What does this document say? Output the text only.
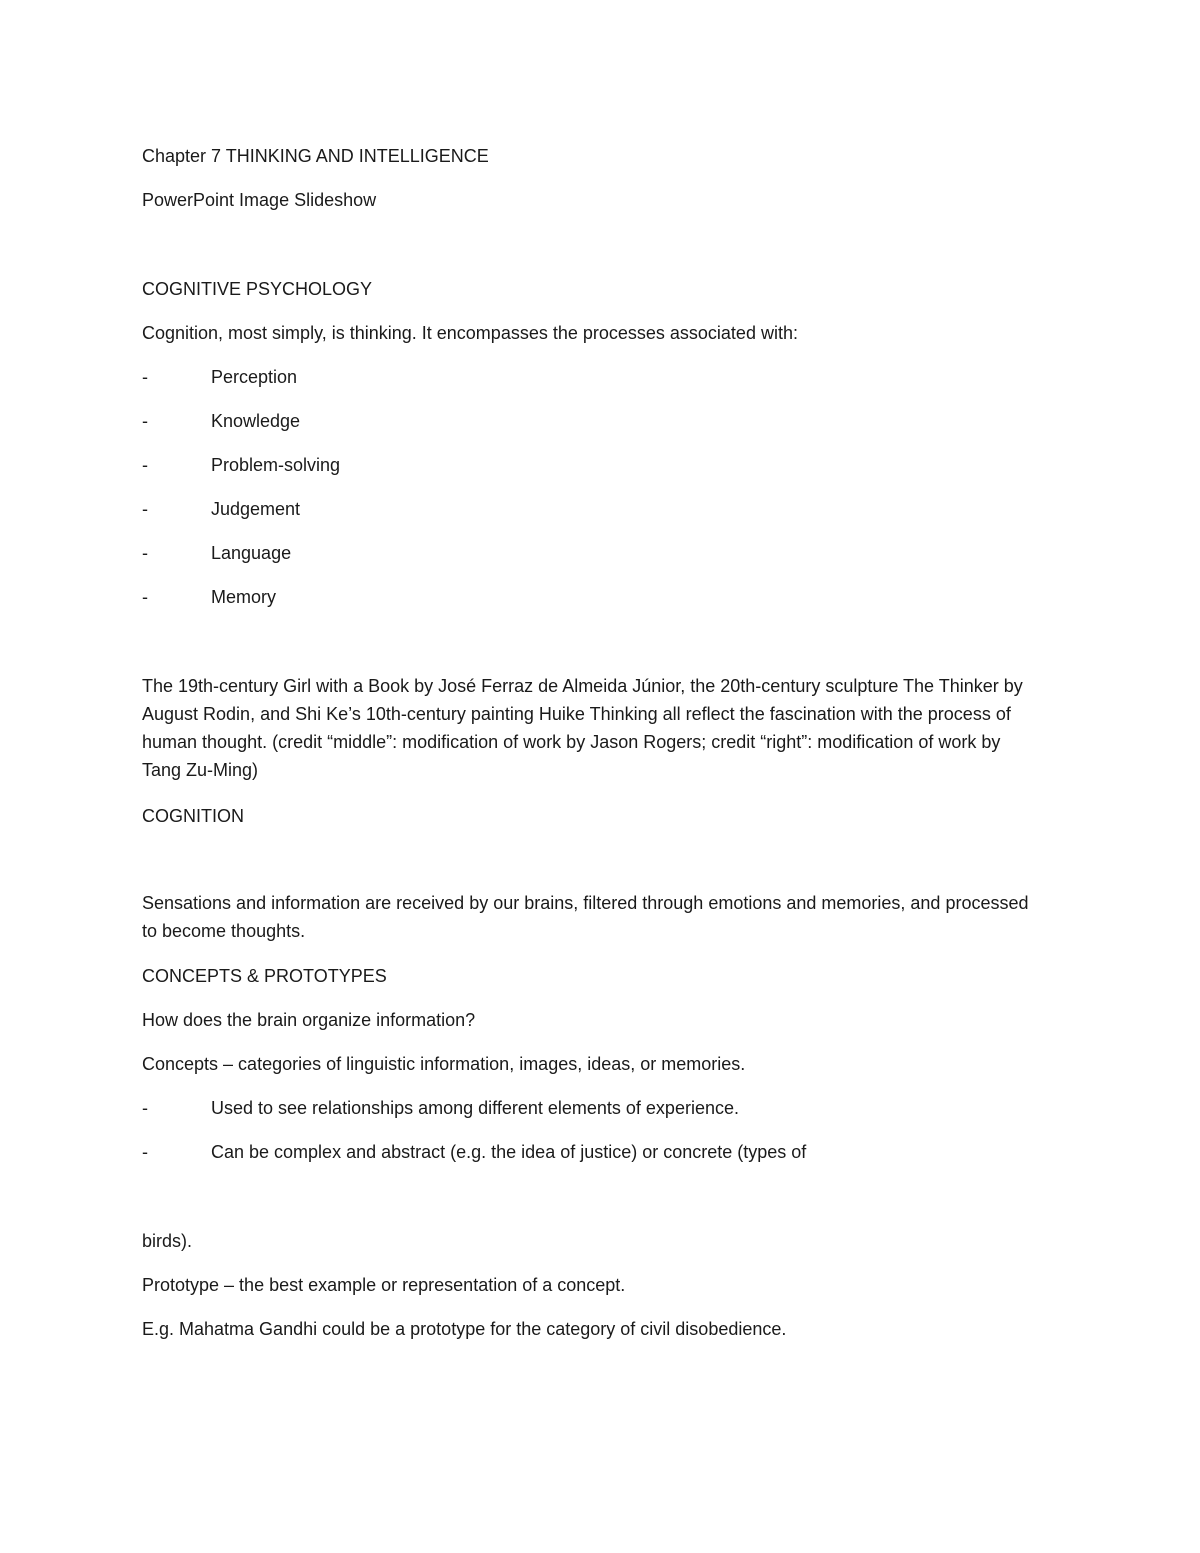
Chapter 7 THINKING AND INTELLIGENCE

PowerPoint Image Slideshow

COGNITIVE PSYCHOLOGY

Cognition, most simply, is thinking. It encompasses the processes associated with:

-	Perception
-	Knowledge
-	Problem-solving
-	Judgement
-	Language
-	Memory

The 19th-century Girl with a Book by José Ferraz de Almeida Júnior, the 20th-century sculpture The Thinker by August Rodin, and Shi Ke’s 10th-century painting Huike Thinking all reflect the fascination with the process of human thought. (credit “middle”: modification of work by Jason Rogers; credit “right”: modification of work by Tang Zu-Ming)

COGNITION

Sensations and information are received by our brains, filtered through emotions and memories, and processed to become thoughts.

CONCEPTS & PROTOTYPES

How does the brain organize information?

Concepts – categories of linguistic information, images, ideas, or memories.

-	Used to see relationships among different elements of experience.
-	Can be complex and abstract (e.g. the idea of justice) or concrete (types of

birds).

Prototype – the best example or representation of a concept.

E.g. Mahatma Gandhi could be a prototype for the category of civil disobedience.
